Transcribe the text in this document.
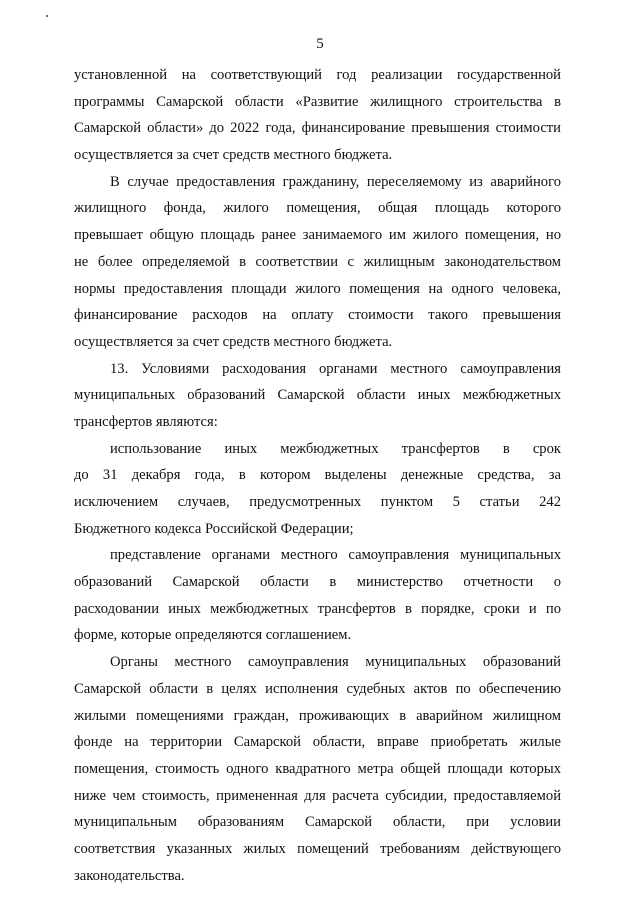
5
установленной на соответствующий год реализации государственной
программы Самарской области «Развитие жилищного строительства в
Самарской области» до 2022 года, финансирование превышения стоимости
осуществляется за счет средств местного бюджета.
В случае предоставления гражданину, переселяемому из аварийного
жилищного фонда, жилого помещения, общая площадь которого
превышает общую площадь ранее занимаемого им жилого помещения, но
не более определяемой в соответствии с жилищным законодательством
нормы предоставления площади жилого помещения на одного человека,
финансирование расходов на оплату стоимости такого превышения
осуществляется за счет средств местного бюджета.
13. Условиями расходования органами местного самоуправления
муниципальных образований Самарской области иных межбюджетных
трансфертов являются:
использование иных межбюджетных трансфертов в срок
до 31 декабря года, в котором выделены денежные средства, за
исключением случаев, предусмотренных пунктом 5 статьи 242
Бюджетного кодекса Российской Федерации;
представление органами местного самоуправления муниципальных
образований Самарской области в министерство отчетности о
расходовании иных межбюджетных трансфертов в порядке, сроки и по
форме, которые определяются соглашением.
Органы местного самоуправления муниципальных образований
Самарской области в целях исполнения судебных актов по обеспечению
жилыми помещениями граждан, проживающих в аварийном жилищном
фонде на территории Самарской области, вправе приобретать жилые
помещения, стоимость одного квадратного метра общей площади которых
ниже чем стоимость, примененная для расчета субсидии, предоставляемой
муниципальным образованиям Самарской области, при условии
соответствия указанных жилых помещений требованиям действующего
законодательства.
